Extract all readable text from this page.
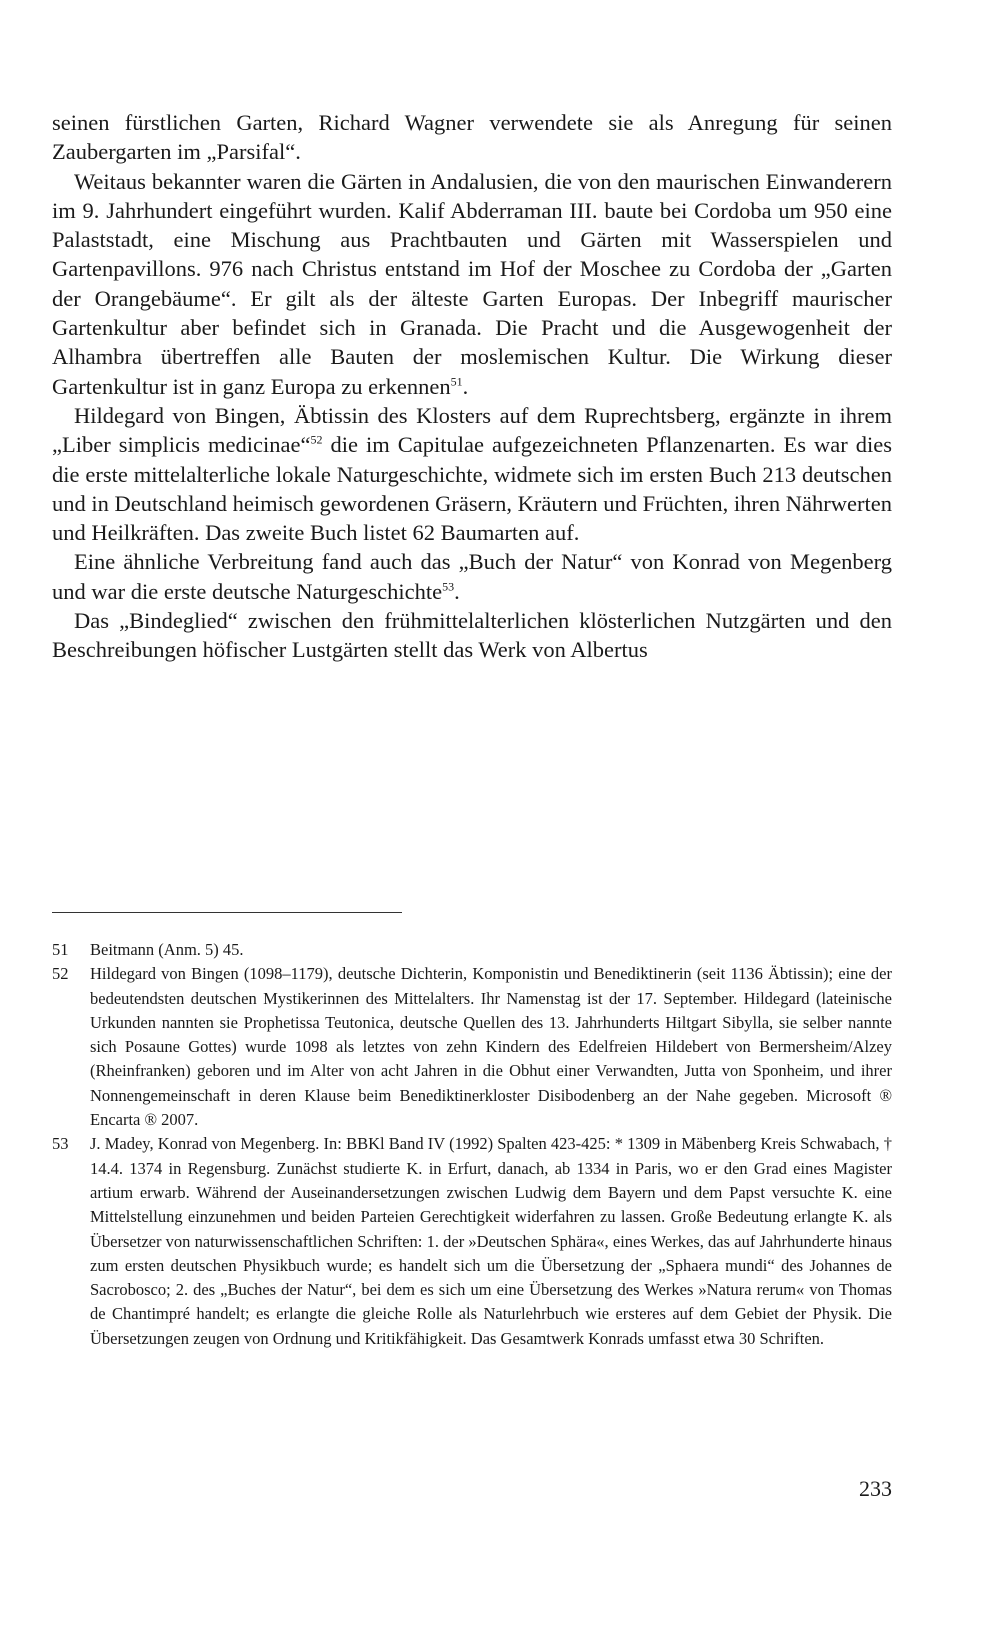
seinen fürstlichen Garten, Richard Wagner verwendete sie als Anregung für seinen Zaubergarten im „Parsifal“.

Weitaus bekannter waren die Gärten in Andalusien, die von den maurischen Einwanderern im 9. Jahrhundert eingeführt wurden. Kalif Abderraman III. baute bei Cordoba um 950 eine Palaststadt, eine Mischung aus Prachtbauten und Gärten mit Wasserspielen und Gartenpavillons. 976 nach Christus entstand im Hof der Moschee zu Cordoba der „Garten der Orangebäume“. Er gilt als der älteste Garten Europas. Der Inbegriff maurischer Gartenkultur aber befindet sich in Granada. Die Pracht und die Ausgewogenheit der Alhambra übertreffen alle Bauten der moslemischen Kultur. Die Wirkung dieser Gartenkultur ist in ganz Europa zu erkennen$^{51}$.

Hildegard von Bingen, Äbtissin des Klosters auf dem Ruprechtsberg, ergänzte in ihrem „Liber simplicis medicinae“$^{52}$ die im Capitulae aufgezeichneten Pflanzenarten. Es war dies die erste mittelalterliche lokale Naturgeschichte, widmete sich im ersten Buch 213 deutschen und in Deutschland heimisch gewordenen Gräsern, Kräutern und Früchten, ihren Nährwerten und Heilkräften. Das zweite Buch listet 62 Baumarten auf.

Eine ähnliche Verbreitung fand auch das „Buch der Natur“ von Konrad von Megenberg und war die erste deutsche Naturgeschichte$^{53}$.

Das „Bindeglied“ zwischen den frühmittelalterlichen klösterlichen Nutzgärten und den Beschreibungen höfischer Lustgärten stellt das Werk von Albertus

51	Beitmann (Anm. 5) 45.
52	Hildegard von Bingen (1098–1179), deutsche Dichterin, Komponistin und Benediktinerin (seit 1136 Äbtissin); eine der bedeutendsten deutschen Mystikerinnen des Mittelalters. Ihr Namenstag ist der 17. September. Hildegard (lateinische Urkunden nannten sie Prophetissa Teutonica, deutsche Quellen des 13. Jahrhunderts Hiltgart Sibylla, sie selber nannte sich Posaune Gottes) wurde 1098 als letztes von zehn Kindern des Edelfreien Hildebert von Bermersheim/Alzey (Rheinfranken) geboren und im Alter von acht Jahren in die Obhut einer Verwandten, Jutta von Sponheim, und ihrer Nonnengemeinschaft in deren Klause beim Benediktinerkloster Disibodenberg an der Nahe gegeben. Microsoft ® Encarta ® 2007.
53	J. Madey, Konrad von Megenberg. In: BBKl Band IV (1992) Spalten 423-425: * 1309 in Mäbenberg Kreis Schwabach, † 14.4. 1374 in Regensburg. Zunächst studierte K. in Erfurt, danach, ab 1334 in Paris, wo er den Grad eines Magister artium erwarb. Während der Auseinandersetzungen zwischen Ludwig dem Bayern und dem Papst versuchte K. eine Mittelstellung einzunehmen und beiden Parteien Gerechtigkeit widerfahren zu lassen. Große Bedeutung erlangte K. als Übersetzer von naturwissenschaftlichen Schriften: 1. der »Deutschen Sphära«, eines Werkes, das auf Jahrhunderte hinaus zum ersten deutschen Physikbuch wurde; es handelt sich um die Übersetzung der „Sphaera mundi“ des Johannes de Sacrobosco; 2. des „Buches der Natur“, bei dem es sich um eine Übersetzung des Werkes »Natura rerum« von Thomas de Chantimpré handelt; es erlangte die gleiche Rolle als Naturlehrbuch wie ersteres auf dem Gebiet der Physik. Die Übersetzungen zeugen von Ordnung und Kritikfähigkeit. Das Gesamtwerk Konrads umfasst etwa 30 Schriften.
233
